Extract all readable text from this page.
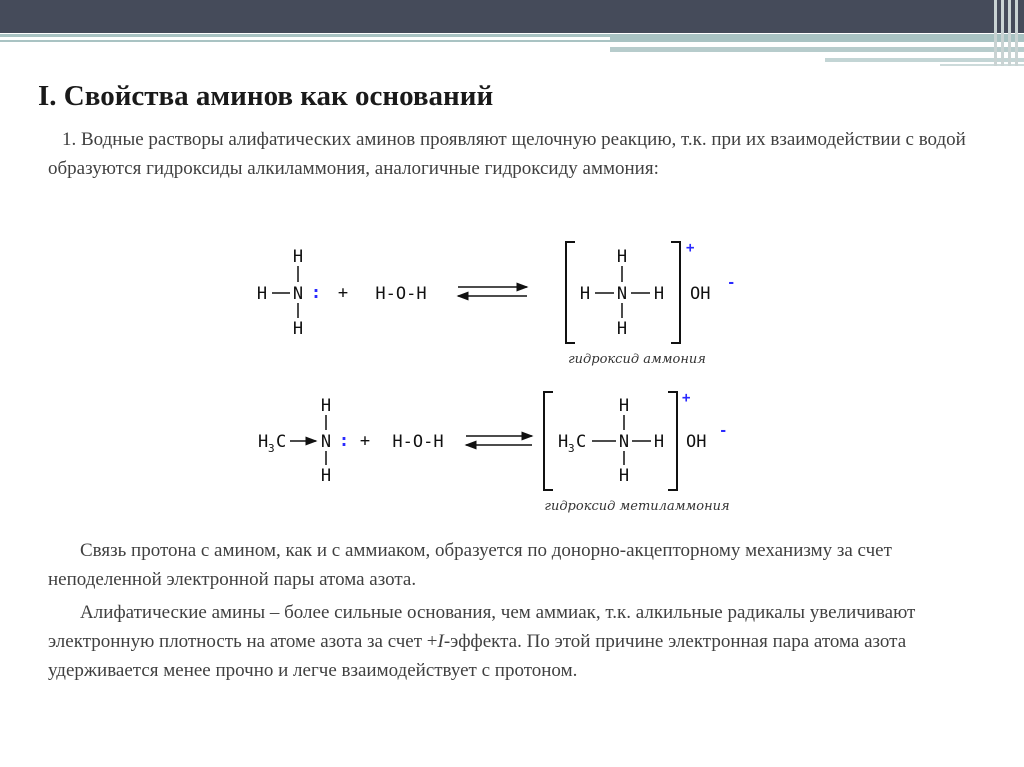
I. Свойства аминов как оснований

1. Водные растворы алифатических аминов проявляют щелочную реакцию, т.к. при их взаимодействии с водой образуются гидроксиды алкиламмония, аналогичные гидроксиду аммония:

H
N
H
H	: + H-O-H
H
N
H
H	H
+
OH
-
гидроксид аммония
H
N
H
H 3 C	: + H-O-H	H 3 C
H
N
H
H
+
OH
-
гидроксид метиламмония

Связь протона с амином, как и с аммиаком, образуется по донорно-акцепторному механизму за счет неподеленной электронной пары атома азота.

Алифатические амины – более сильные основания, чем аммиак, т.к. алкильные радикалы увеличивают электронную плотность на атоме азота за счет +I-эффекта. По этой причине электронная пара атома азота удерживается менее прочно и легче взаимодействует с протоном.
